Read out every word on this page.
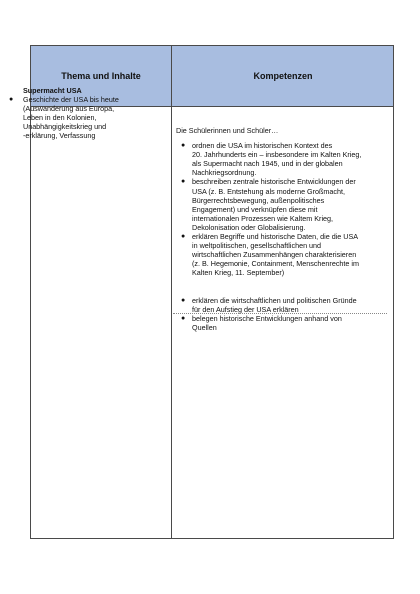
Thema und Inhalte	Kompetenzen
Supermacht USA
●	Geschichte der USA bis heute
(Auswanderung aus Europa,
Leben in den Kolonien,
Unabhängigkeitskrieg und
-erklärung, Verfassung
Die Schülerinnen und Schüler…
● ordnen die USA im historischen Kontext des
20. Jahrhunderts ein – insbesondere im Kalten Krieg,
als Supermacht nach 1945, und in der globalen
Nachkriegsordnung.
● beschreiben zentrale historische Entwicklungen der
USA (z. B. Entstehung als moderne Großmacht,
Bürgerrechtsbewegung, außenpolitisches
Engagement) und verknüpfen diese mit
internationalen Prozessen wie Kaltem Krieg,
Dekolonisation oder Globalisierung.
● erklären Begriffe und historische Daten, die die USA
in weltpolitischen, gesellschaftlichen und
wirtschaftlichen Zusammenhängen charakterisieren
(z. B. Hegemonie, Containment, Menschenrechte im
Kalten Krieg, 11. September)
● erklären die wirtschaftlichen und politischen Gründe
für den Aufstieg der USA erklären
● belegen historische Entwicklungen anhand von
Quellen
